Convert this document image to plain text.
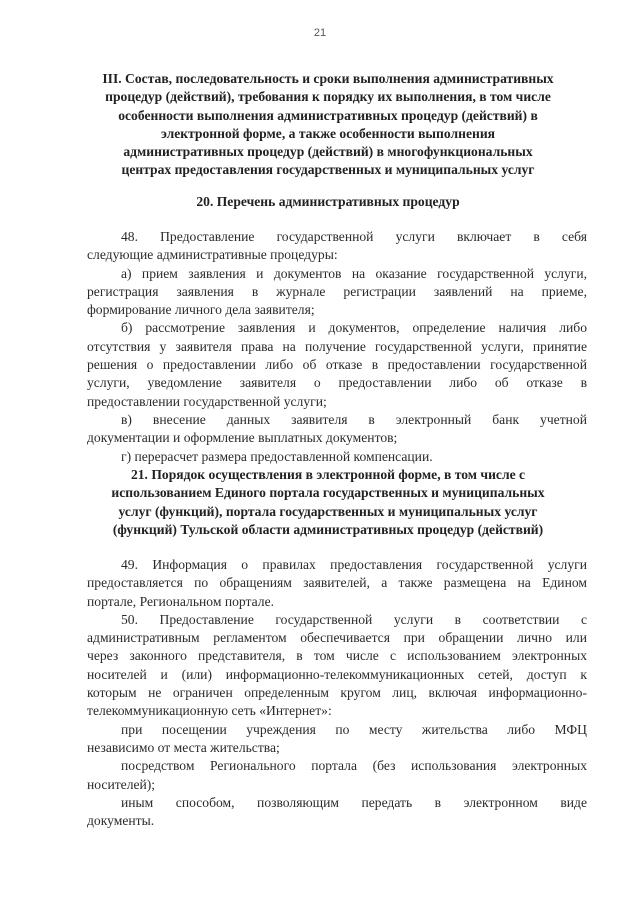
21
III. Состав, последовательность и сроки выполнения административных
процедур (действий), требования к порядку их выполнения, в том числе
особенности выполнения административных процедур (действий) в
электронной форме, а также особенности выполнения
административных процедур (действий) в многофункциональных
центрах предоставления государственных и муниципальных услуг
20. Перечень административных процедур
48. Предоставление государственной услуги включает в себя
следующие административные процедуры:
а) прием заявления и документов на оказание государственной услуги,
регистрация заявления в журнале регистрации заявлений на приеме,
формирование личного дела заявителя;
б) рассмотрение заявления и документов, определение наличия либо
отсутствия у заявителя права на получение государственной услуги, принятие
решения о предоставлении либо об отказе в предоставлении государственной
услуги, уведомление заявителя о предоставлении либо об отказе в
предоставлении государственной услуги;
в) внесение данных заявителя в электронный банк учетной
документации и оформление выплатных документов;
г) перерасчет размера предоставленной компенсации.
21. Порядок осуществления в электронной форме, в том числе с
использованием Единого портала государственных и муниципальных
услуг (функций), портала государственных и муниципальных услуг
(функций) Тульской области административных процедур (действий)
49. Информация о правилах предоставления государственной услуги
предоставляется по обращениям заявителей, а также размещена на Едином
портале, Региональном портале.
50. Предоставление государственной услуги в соответствии с
административным регламентом обеспечивается при обращении лично или
через законного представителя, в том числе с использованием электронных
носителей и (или) информационно-телекоммуникационных сетей, доступ к
которым не ограничен определенным кругом лиц, включая информационно-
телекоммуникационную сеть «Интернет»:
при посещении учреждения по месту жительства либо МФЦ
независимо от места жительства;
посредством Регионального портала (без использования электронных
носителей);
иным способом, позволяющим передать в электронном виде
документы.
